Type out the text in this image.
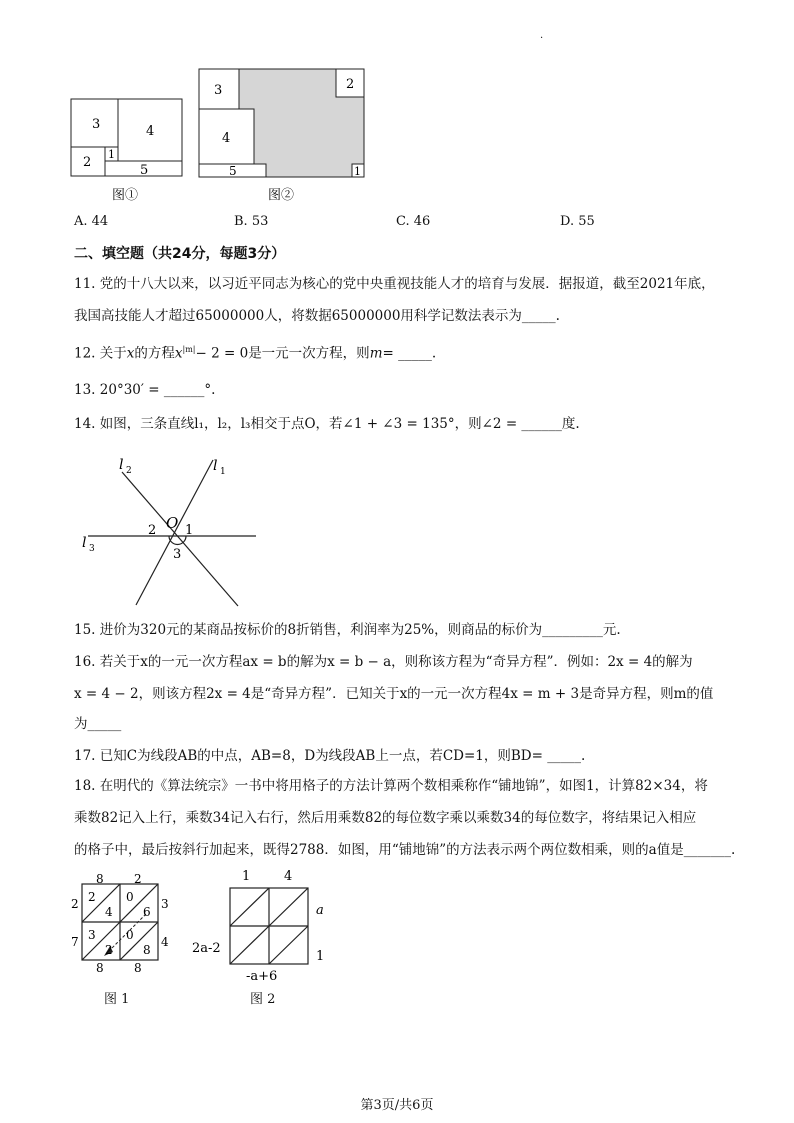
.
3	4
2
1
5
图①
3	2
4
5	1
图②
A. 44	B. 53	C. 46	D. 55
二、填空题（共24分，每题3分）
11. 党的十八大以来，以习近平同志为核心的党中央重视技能人才的培育与发展．据报道，截至2021年底，
我国高技能人才超过65000000人，将数据65000000用科学记数法表示为_____.
12. 关于x的方程$x^{|m|}- 2 = 0$是一元一次方程，则m= _____.
13. 20°30′ = ______°.
14. 如图，三条直线l₁，l₂，l₃相交于点O，若∠1 + ∠3 = 135°，则∠2 = ______度.
l 2	l 1
l 3
O 1
2
3
15. 进价为320元的某商品按标价的8折销售，利润率为25%，则商品的标价为_________元.
16. 若关于x的一元一次方程ax = b的解为x = b − a，则称该方程为“奇异方程”．例如：2x = 4的解为
x = 4 − 2，则该方程2x = 4是“奇异方程”．已知关于x的一元一次方程4x = m + 3是奇异方程，则m的值
为_____
17. 已知C为线段AB的中点，AB=8，D为线段AB上一点，若CD=1，则BD= _____.
18. 在明代的《算法统宗》一书中将用格子的方法计算两个数相乘称作“铺地锦”，如图1，计算82×34，将
乘数82记入上行，乘数34记入右行，然后用乘数82的每位数字乘以乘数34的每位数字，将结果记入相应
的格子中，最后按斜行加起来，既得2788．如图，用“铺地锦”的方法表示两个两位数相乘，则的a值是_______.
8	2
2
7
3
4
8	8
2
4
0
6
3
2
0
8
图 1
1	4
a
1
2a-2
-a+6
图 2
第3页/共6页
